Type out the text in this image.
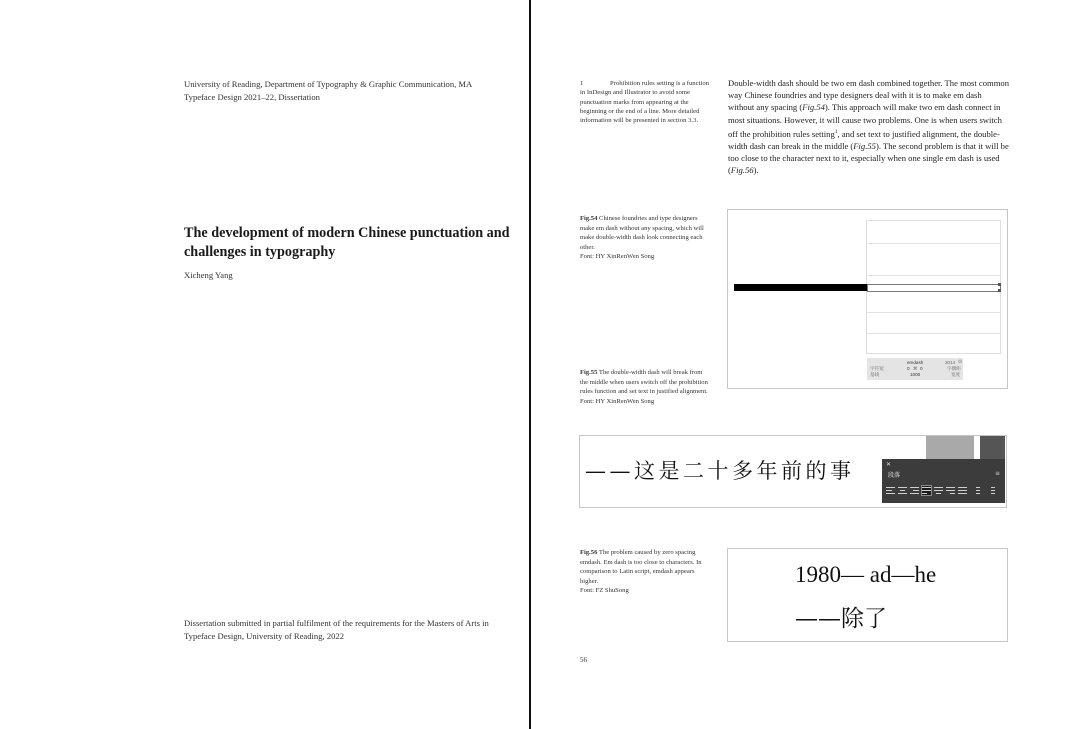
University of Reading, Department of Typography & Graphic Communication, MA Typeface Design 2021–22, Dissertation
The development of modern Chinese punctuation and challenges in typography
Xicheng Yang
Dissertation submitted in partial fulfilment of the requirements for the Masters of Arts in Typeface Design, University of Reading, 2022
1	Prohibition rules setting is a function in InDesign and Illustrator to avoid some punctuation marks from appearing at the beginning or the end of a line. More detailed information will be presented in section 3.3.
Double-width dash should be two em dash combined together. The most common way Chinese foundries and type designers deal with it is to make em dash without any spacing (Fig.54). This approach will make two em dash connect in most situations. However, it will cause two problems. One is when users switch off the prohibition rules setting$^1$, and set text to justified alignment, the double-width dash can break in the middle (Fig.55). The second problem is that it will be too close to the character next to it, especially when one single em dash is used (Fig.56).
Fig.54 Chinese foundries and type designers make em dash without any spacing, which will make double-width dash look connecting each other.
Font: HY XinRenWen Song
Fig.55 The double-width dash will break from the middle when users switch off the prohibition rules function and set text in justified alignment.
Font: HY XinRenWen Song
Fig.56 The problem caused by zero spacing emdash. Em dash is too close to characters. In comparison to Latin script, emdash appears higher.
Font: FZ ShuSong
emdash	2014 ⊙
字符宽	0 ⌘ 0	字偶距
基线	1000	宽度
——这是二十多年前的事	✕
段落	≡
1980— ad—he
——除了
56
